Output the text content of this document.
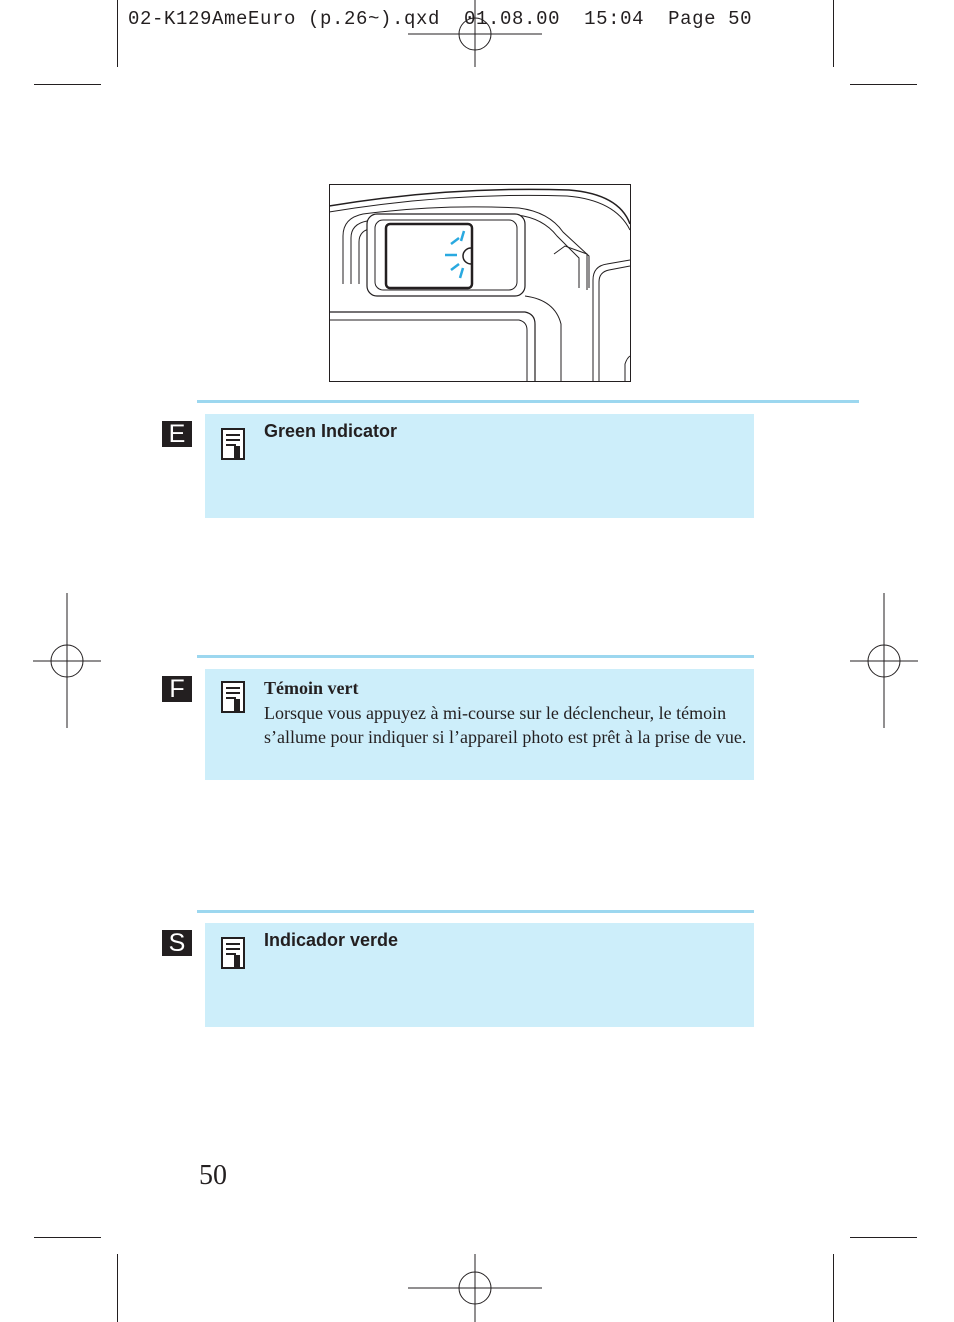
02-K129AmeEuro (p.26~).qxd  01.08.00  15:04  Page 50
E	Green Indicator
F	Témoin vert
Lorsque vous appuyez à mi-course sur le déclencheur, le témoin s’allume pour indiquer si l’appareil photo est prêt à la prise de vue.
S	Indicador verde
50
